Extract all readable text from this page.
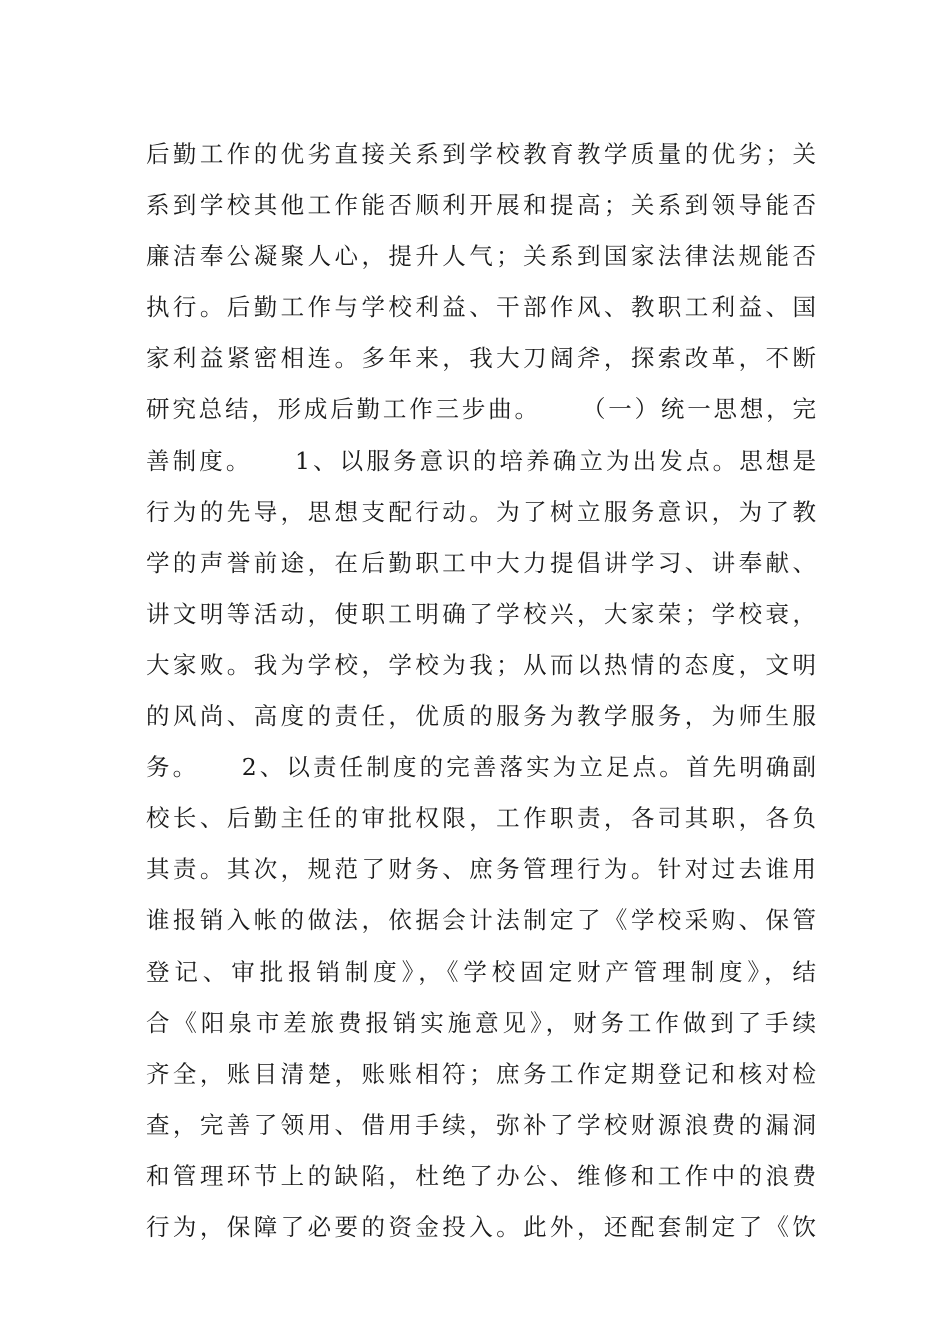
后勤工作的优劣直接关系到学校教育教学质量的优劣；关
系到学校其他工作能否顺利开展和提高；关系到领导能否
廉洁奉公凝聚人心，提升人气；关系到国家法律法规能否
执行。后勤工作与学校利益、干部作风、教职工利益、国
家利益紧密相连。多年来，我大刀阔斧，探索改革，不断
研究总结，形成后勤工作三步曲。    （一）统一思想，完
善制度。    1、以服务意识的培养确立为出发点。思想是
行为的先导，思想支配行动。为了树立服务意识，为了教
学的声誉前途，在后勤职工中大力提倡讲学习、讲奉献、
讲文明等活动，使职工明确了学校兴，大家荣；学校衰，
大家败。我为学校，学校为我；从而以热情的态度，文明
的风尚、高度的责任，优质的服务为教学服务，为师生服
务。    2、以责任制度的完善落实为立足点。首先明确副
校长、后勤主任的审批权限，工作职责，各司其职，各负
其责。其次，规范了财务、庶务管理行为。针对过去谁用
谁报销入帐的做法，依据会计法制定了《学校采购、保管
登记、审批报销制度》，《学校固定财产管理制度》，结
合《阳泉市差旅费报销实施意见》，财务工作做到了手续
齐全，账目清楚，账账相符；庶务工作定期登记和核对检
查，完善了领用、借用手续，弥补了学校财源浪费的漏洞
和管理环节上的缺陷，杜绝了办公、维修和工作中的浪费
行为，保障了必要的资金投入。此外，还配套制定了《饮
